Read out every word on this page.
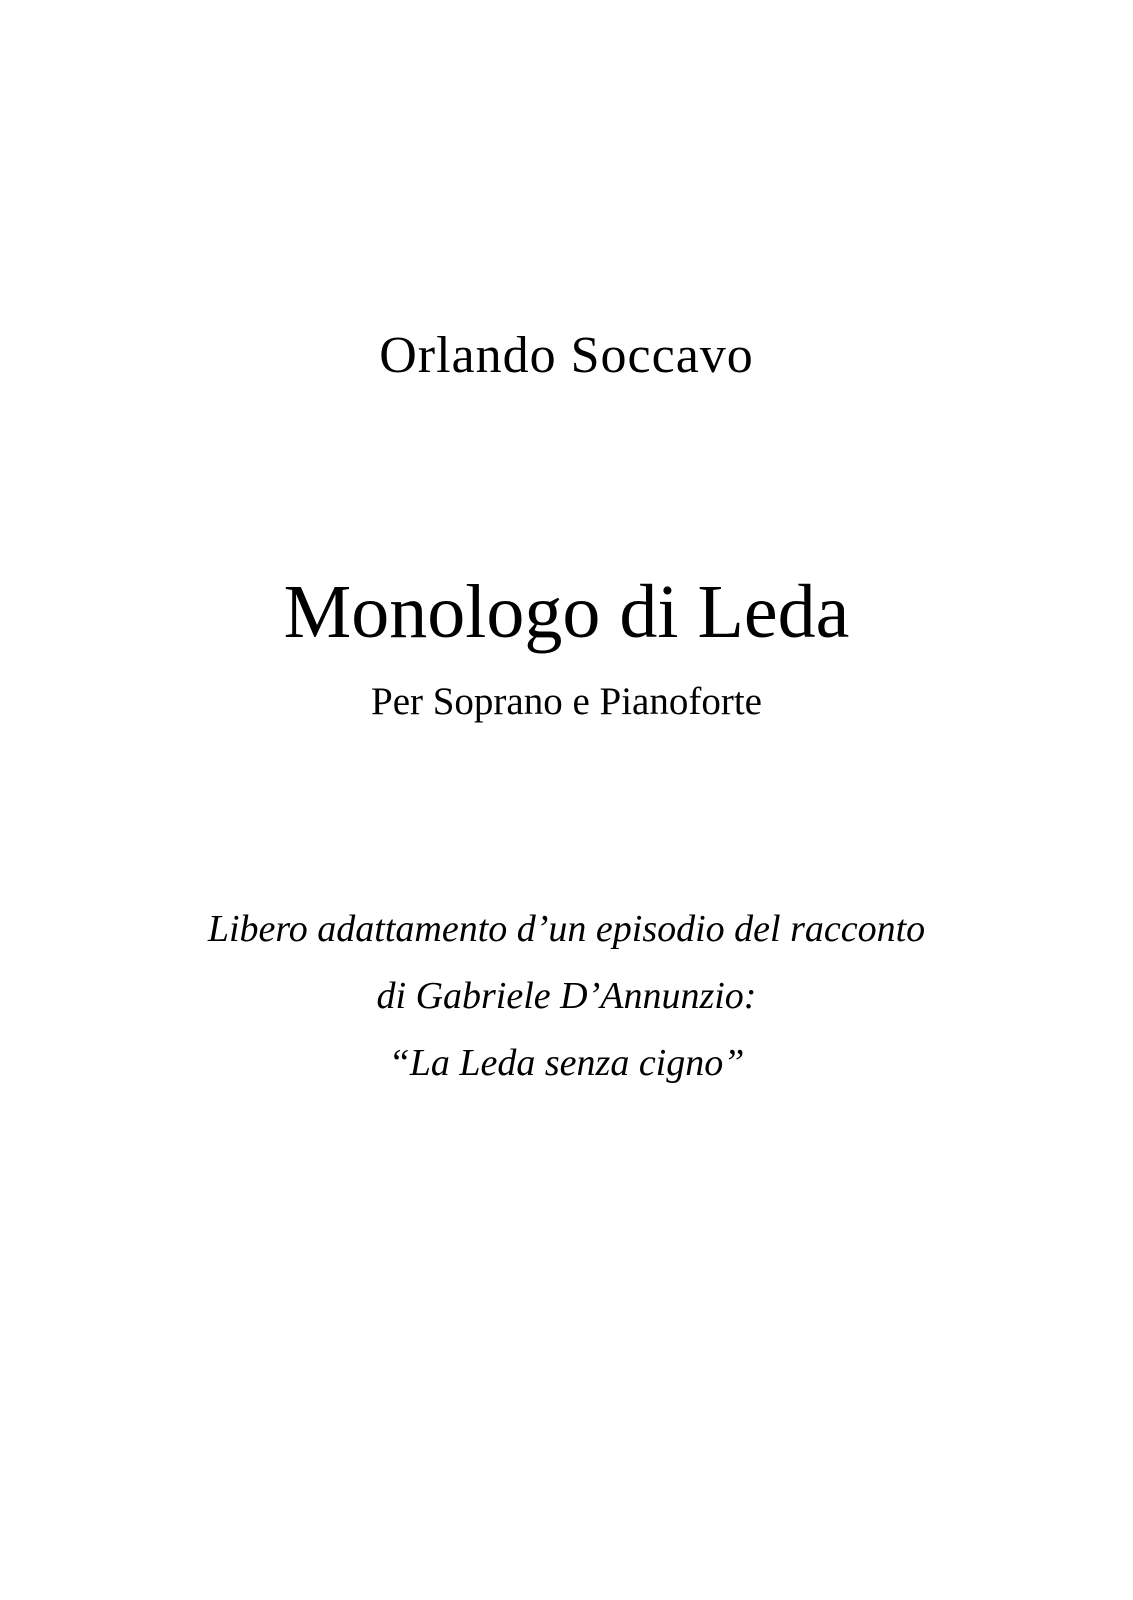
Orlando Soccavo
Monologo di Leda
Per Soprano e Pianoforte
Libero adattamento d’un episodio del racconto
di Gabriele D’Annunzio:
“La Leda senza cigno”
